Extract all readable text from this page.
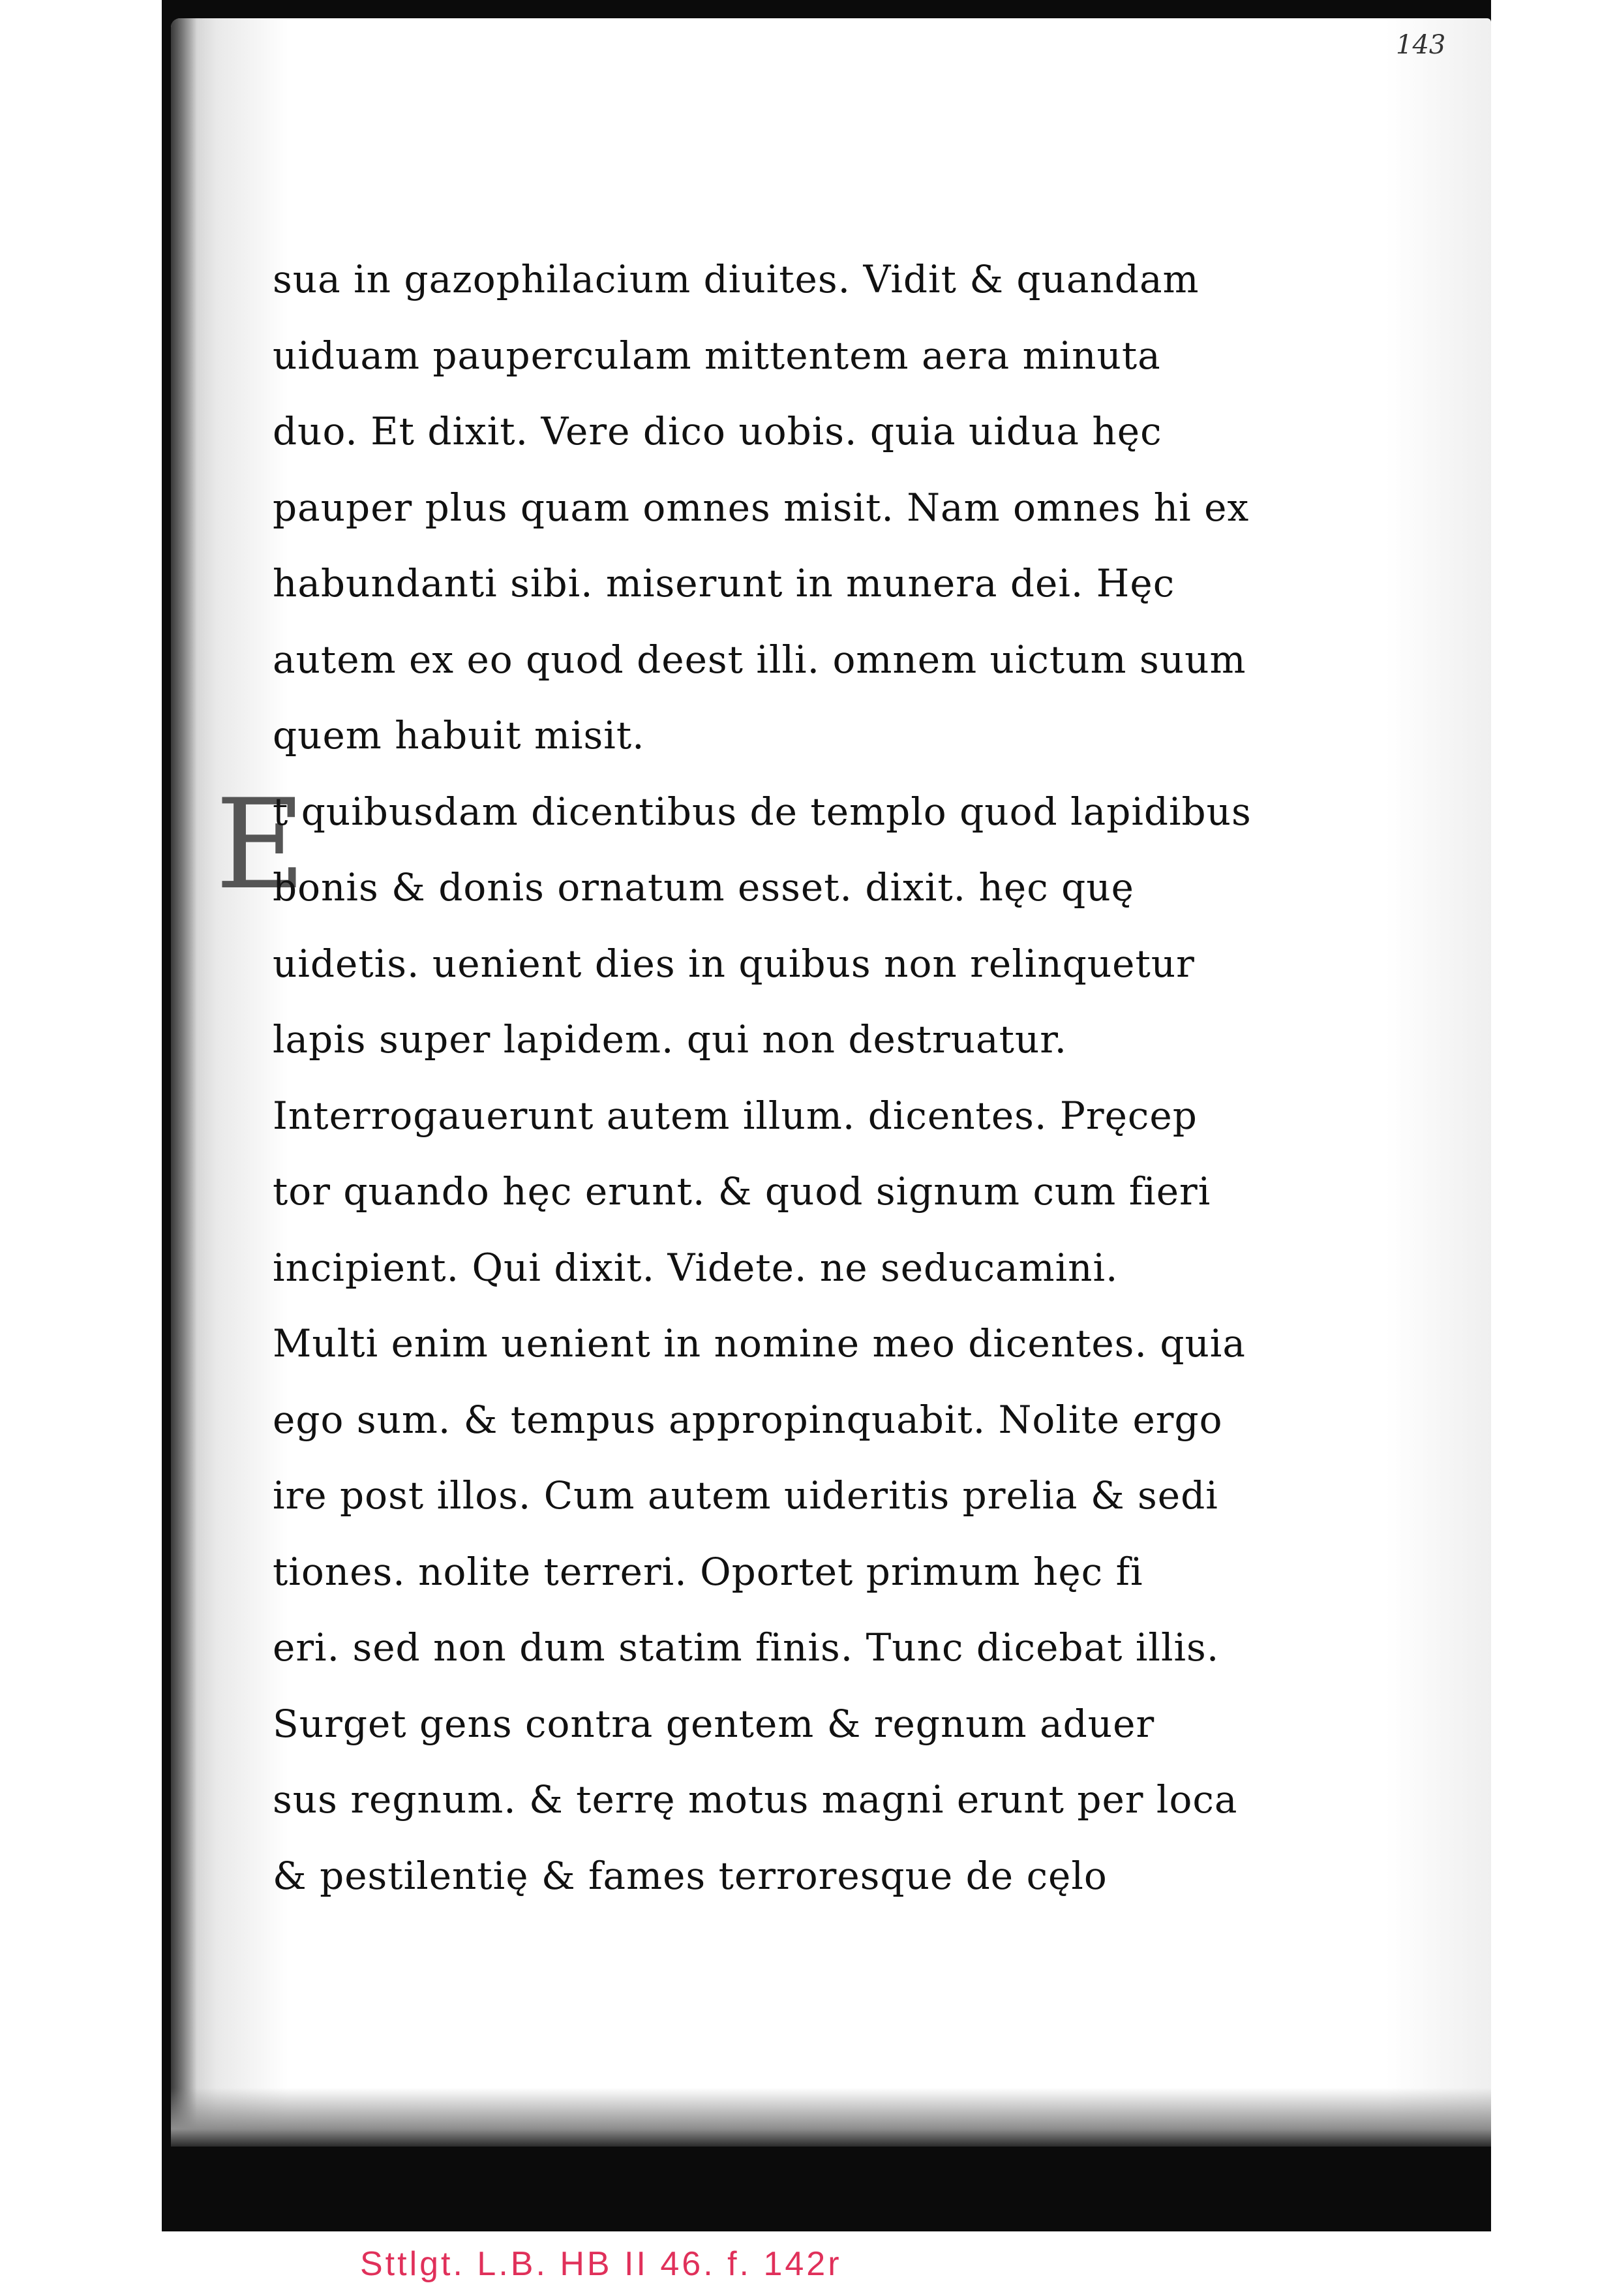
143
E
sua in gazophilacium diuites. Vidit & quandam
uiduam pauperculam mittentem aera minuta
duo. Et dixit. Vere dico uobis. quia uidua hęc
pauper plus quam omnes misit. Nam omnes hi ex
habundanti sibi. miserunt in munera dei. Hęc
autem ex eo quod deest illi. omnem uictum suum
quem habuit misit.
t quibusdam dicentibus de templo quod lapidibus
bonis & donis ornatum esset. dixit. hęc quę
uidetis. uenient dies in quibus non relinquetur
lapis super lapidem. qui non destruatur.
Interrogauerunt autem illum. dicentes. Pręcep
tor quando hęc erunt. & quod signum cum fieri
incipient. Qui dixit. Videte. ne seducamini.
Multi enim uenient in nomine meo dicentes. quia
ego sum. & tempus appropinquabit. Nolite ergo
ire post illos. Cum autem uideritis prelia & sedi
tiones. nolite terreri. Oportet primum hęc fi
eri. sed non dum statim finis. Tunc dicebat illis.
Surget gens contra gentem & regnum aduer
sus regnum. & terrę motus magni erunt per loca
& pestilentię & fames terroresque de cęlo
Sttlgt. L.B. HB II 46. f. 142r
